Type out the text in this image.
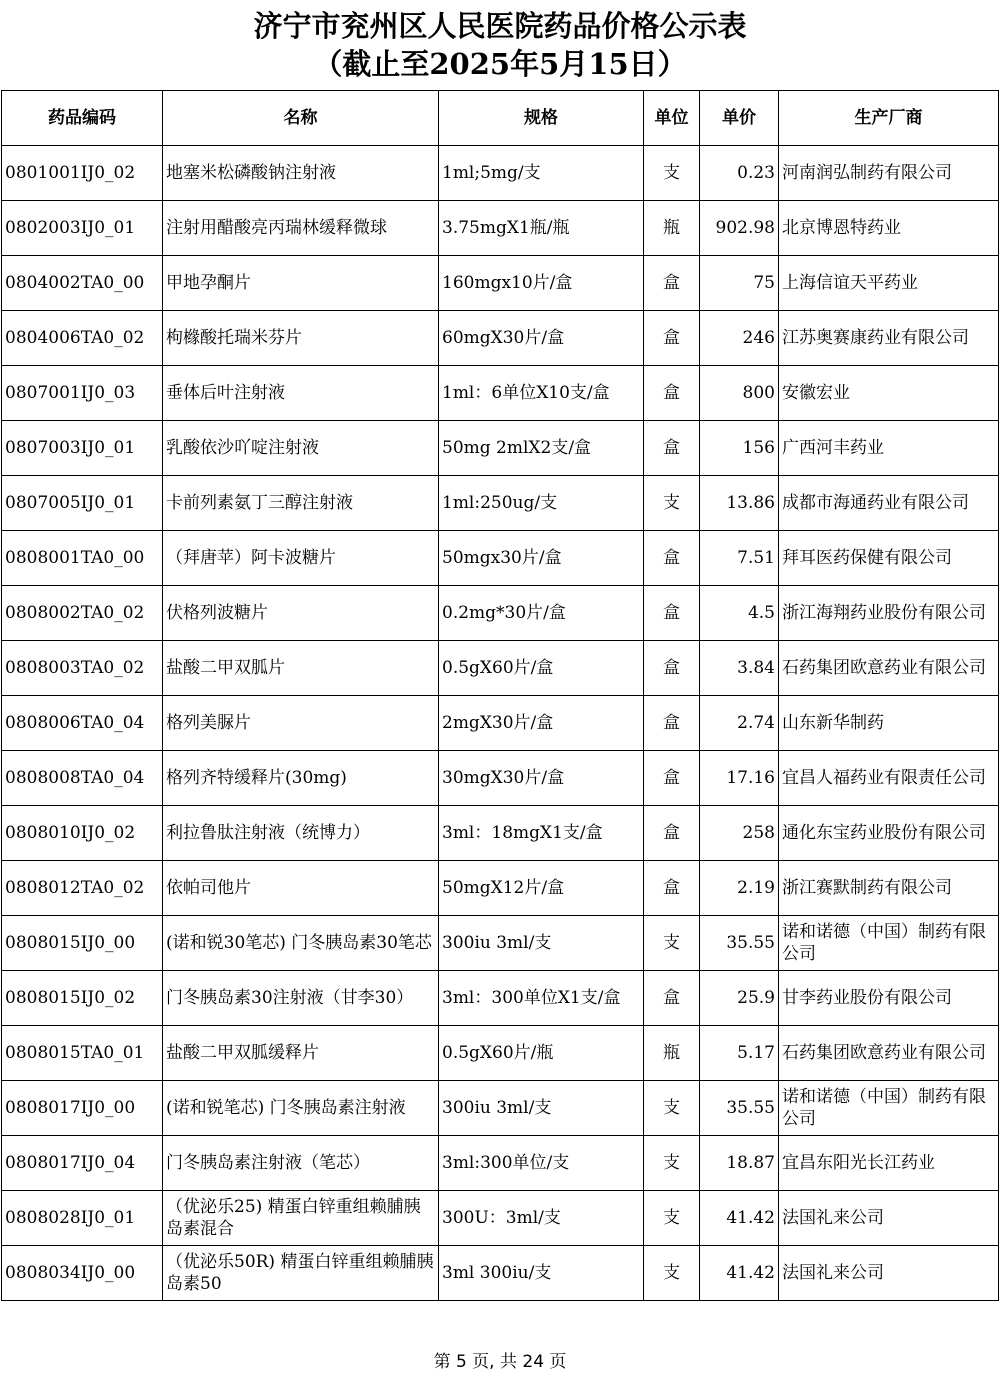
济宁市兖州区人民医院药品价格公示表
（截止至2025年5月15日）
药品编码	名称	规格	单位	单价	生产厂商
0801001IJ0_02	地塞米松磷酸钠注射液	1ml;5mg/支	支	0.23	河南润弘制药有限公司
0802003IJ0_01	注射用醋酸亮丙瑞林缓释微球	3.75mgX1瓶/瓶	瓶	902.98	北京博恩特药业
0804002TA0_00	甲地孕酮片	160mgx10片/盒	盒	75	上海信谊天平药业
0804006TA0_02	枸橼酸托瑞米芬片	60mgX30片/盒	盒	246	江苏奥赛康药业有限公司
0807001IJ0_03	垂体后叶注射液	1ml：6单位X10支/盒	盒	800	安徽宏业
0807003IJ0_01	乳酸依沙吖啶注射液	50mg 2mlX2支/盒	盒	156	广西河丰药业
0807005IJ0_01	卡前列素氨丁三醇注射液	1ml:250ug/支	支	13.86	成都市海通药业有限公司
0808001TA0_00	（拜唐苹）阿卡波糖片	50mgx30片/盒	盒	7.51	拜耳医药保健有限公司
0808002TA0_02	伏格列波糖片	0.2mg*30片/盒	盒	4.5	浙江海翔药业股份有限公司
0808003TA0_02	盐酸二甲双胍片	0.5gX60片/盒	盒	3.84	石药集团欧意药业有限公司
0808006TA0_04	格列美脲片	2mgX30片/盒	盒	2.74	山东新华制药
0808008TA0_04	格列齐特缓释片(30mg)	30mgX30片/盒	盒	17.16	宜昌人福药业有限责任公司
0808010IJ0_02	利拉鲁肽注射液（统博力）	3ml：18mgX1支/盒	盒	258	通化东宝药业股份有限公司
0808012TA0_02	依帕司他片	50mgX12片/盒	盒	2.19	浙江赛默制药有限公司
0808015IJ0_00	(诺和锐30笔芯) 门冬胰岛素30笔芯	300iu 3ml/支	支	35.55	诺和诺德（中国）制药有限公司
0808015IJ0_02	门冬胰岛素30注射液（甘李30）	3ml：300单位X1支/盒	盒	25.9	甘李药业股份有限公司
0808015TA0_01	盐酸二甲双胍缓释片	0.5gX60片/瓶	瓶	5.17	石药集团欧意药业有限公司
0808017IJ0_00	(诺和锐笔芯) 门冬胰岛素注射液	300iu 3ml/支	支	35.55	诺和诺德（中国）制药有限公司
0808017IJ0_04	门冬胰岛素注射液（笔芯）	3ml:300单位/支	支	18.87	宜昌东阳光长江药业
0808028IJ0_01	（优泌乐25) 精蛋白锌重组赖脯胰岛素混合	300U：3ml/支	支	41.42	法国礼来公司
0808034IJ0_00	（优泌乐50R) 精蛋白锌重组赖脯胰岛素50	3ml 300iu/支	支	41.42	法国礼来公司
第 5 页, 共 24 页
